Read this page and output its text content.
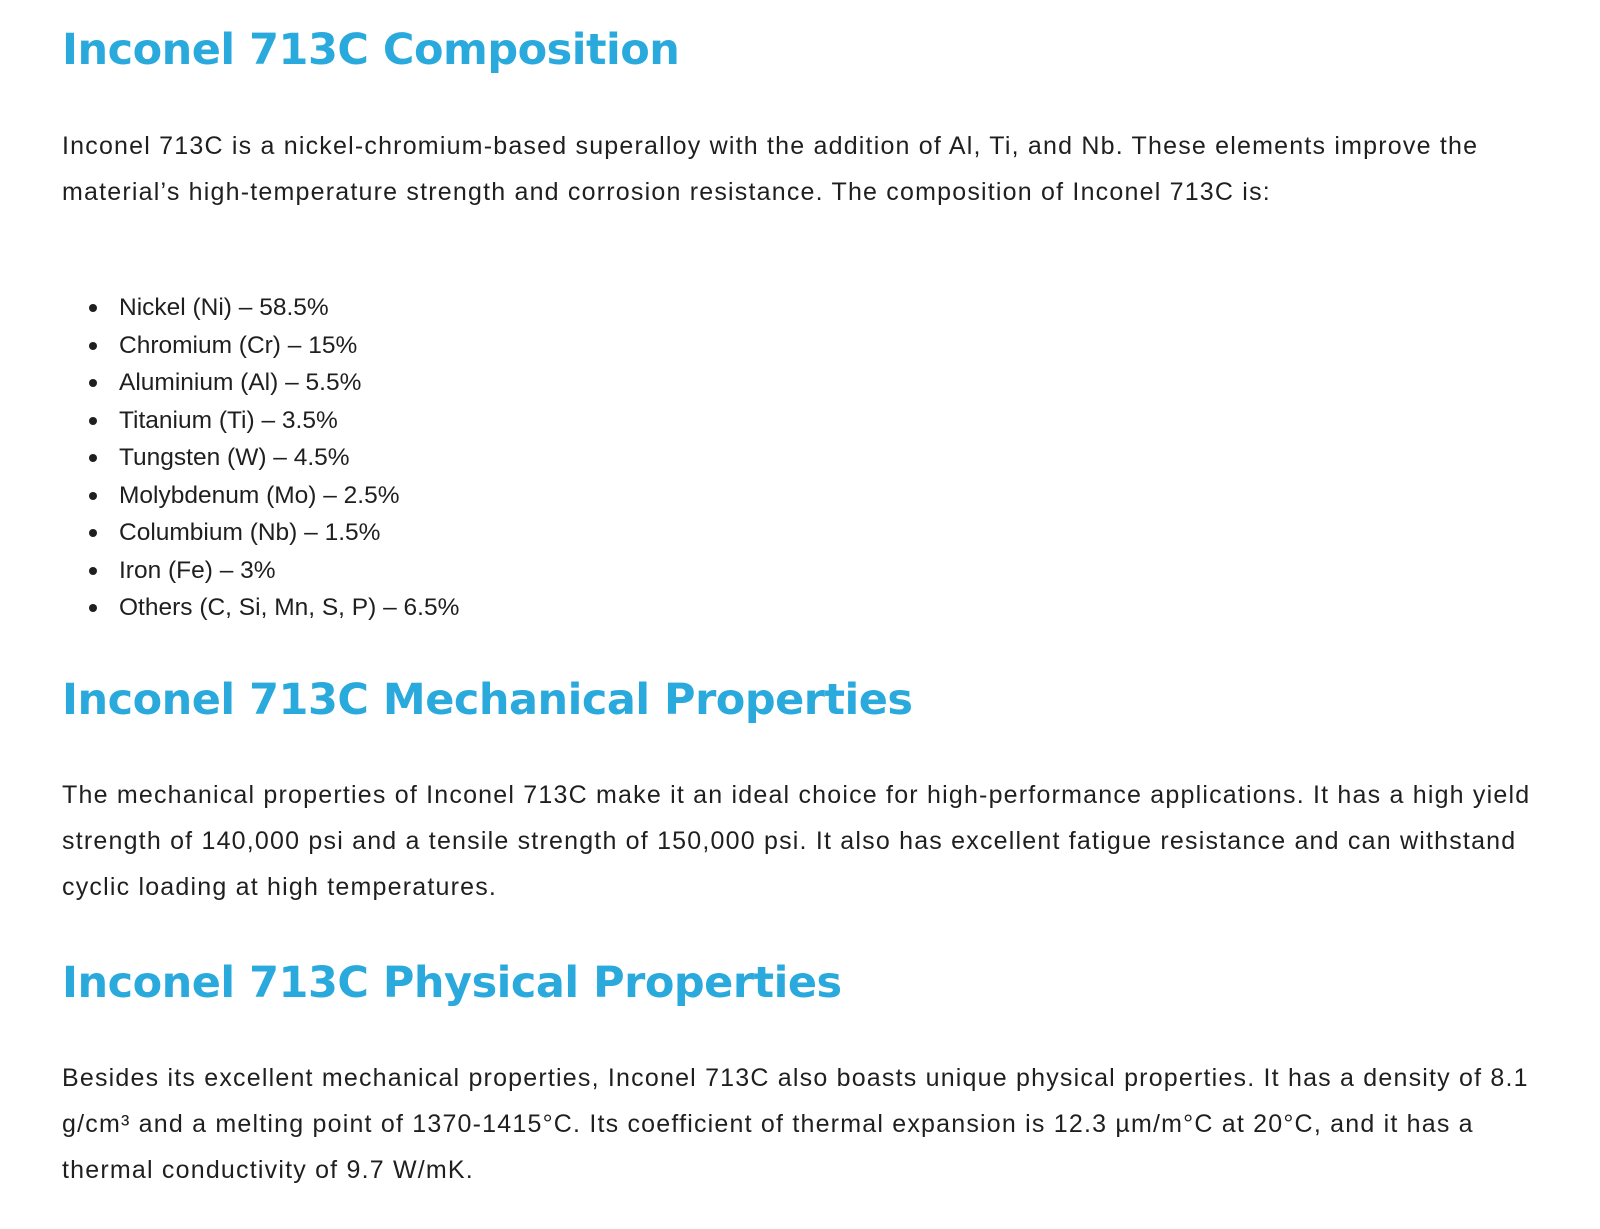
Inconel 713C Composition

Inconel 713C is a nickel-chromium-based superalloy with the addition of Al, Ti, and Nb. These elements improve the material’s high-temperature strength and corrosion resistance. The composition of Inconel 713C is:

Nickel (Ni) – 58.5%
Chromium (Cr) – 15%
Aluminium (Al) – 5.5%
Titanium (Ti) – 3.5%
Tungsten (W) – 4.5%
Molybdenum (Mo) – 2.5%
Columbium (Nb) – 1.5%
Iron (Fe) – 3%
Others (C, Si, Mn, S, P) – 6.5%
Inconel 713C Mechanical Properties

The mechanical properties of Inconel 713C make it an ideal choice for high-performance applications. It has a high yield strength of 140,000 psi and a tensile strength of 150,000 psi. It also has excellent fatigue resistance and can withstand cyclic loading at high temperatures.

Inconel 713C Physical Properties

Besides its excellent mechanical properties, Inconel 713C also boasts unique physical properties. It has a density of 8.1 g/cm³ and a melting point of 1370-1415°C. Its coefficient of thermal expansion is 12.3 µm/m°C at 20°C, and it has a thermal conductivity of 9.7 W/mK.
